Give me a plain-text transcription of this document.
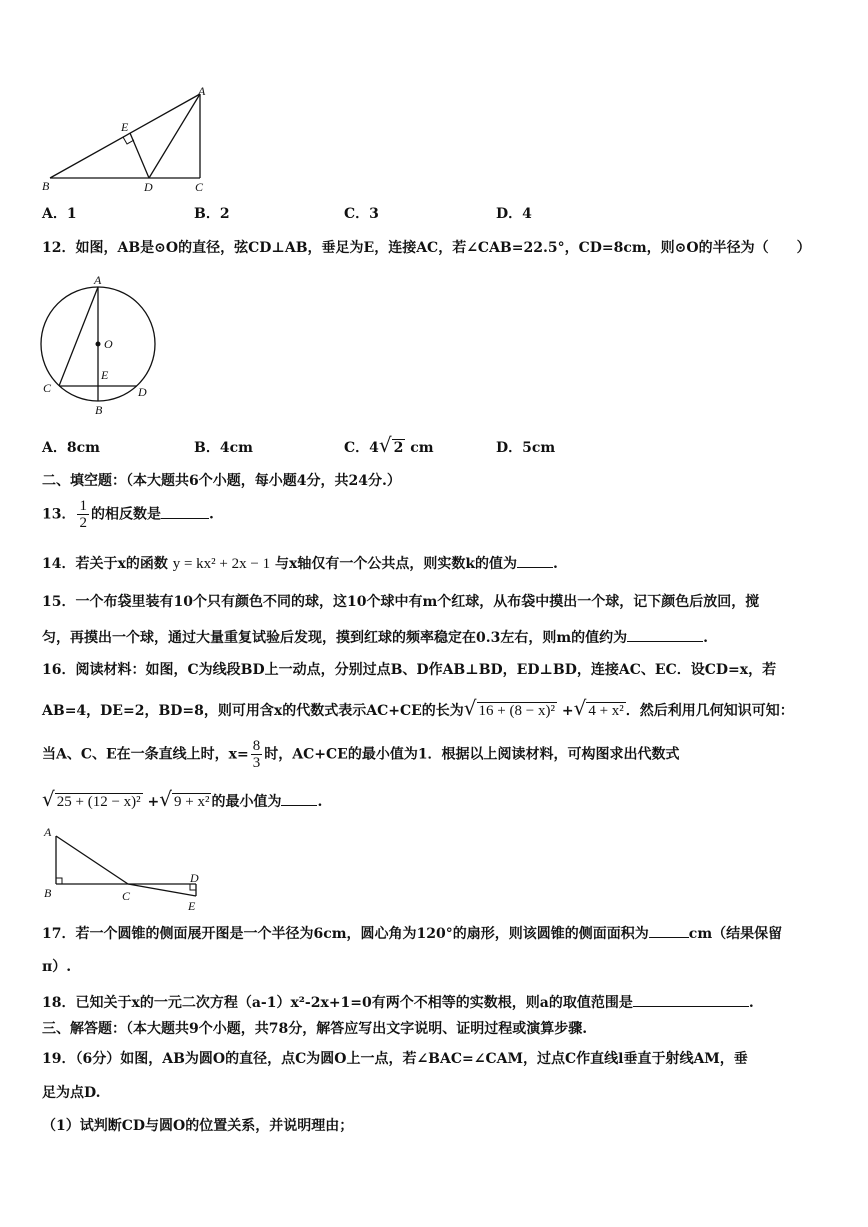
A
E
B	D	C
A．1	B．2	C．3	D．4
12．如图，AB是⊙O的直径，弦CD⊥AB，垂足为E，连接AC，若∠CAB=22.5°，CD=8cm，则⊙O的半径为（　　）
A
O
E
C	D
B
A．8cm	B．4cm	C．4√ 2 cm	D．5cm
二、填空题：（本大题共6个小题，每小题4分，共24分.）
13． $\frac{1}{2}$ 的相反数是	.
14．若关于x的函数 y = kx² + 2x − 1 与x轴仅有一个公共点，则实数k的值为	.
15．一个布袋里装有10个只有颜色不同的球，这10个球中有m个红球，从布袋中摸出一个球，记下颜色后放回，搅
匀，再摸出一个球，通过大量重复试验后发现，摸到红球的频率稳定在0.3左右，则m的值约为	.
16．阅读材料：如图，C为线段BD上一动点，分别过点B、D作AB⊥BD，ED⊥BD，连接AC、EC．设CD=x，若
AB=4，DE=2，BD=8，则可用含x的代数式表示AC+CE的长为√ 16 + (8 − x)² +√ 4 + x² ．然后利用几何知识可知：
当A、C、E在一条直线上时，$x= \frac{8}{3}$ 时，AC+CE的最小值为1．根据以上阅读材料，可构图求出代数式
√ 25 + (12 − x)² +√ 9 + x² 的最小值为	.
A
B	C
D
E
17．若一个圆锥的侧面展开图是一个半径为6cm，圆心角为120°的扇形，则该圆锥的侧面面积为	cm（结果保留
π）.
18．已知关于x的一元二次方程（a-1）x²-2x+1=0有两个不相等的实数根，则a的取值范围是	.
三、解答题：（本大题共9个小题，共78分，解答应写出文字说明、证明过程或演算步骤.
19．（6分）如图，AB为圆O的直径，点C为圆O上一点，若∠BAC=∠CAM，过点C作直线l垂直于射线AM，垂
足为点D.
（1）试判断CD与圆O的位置关系，并说明理由；
